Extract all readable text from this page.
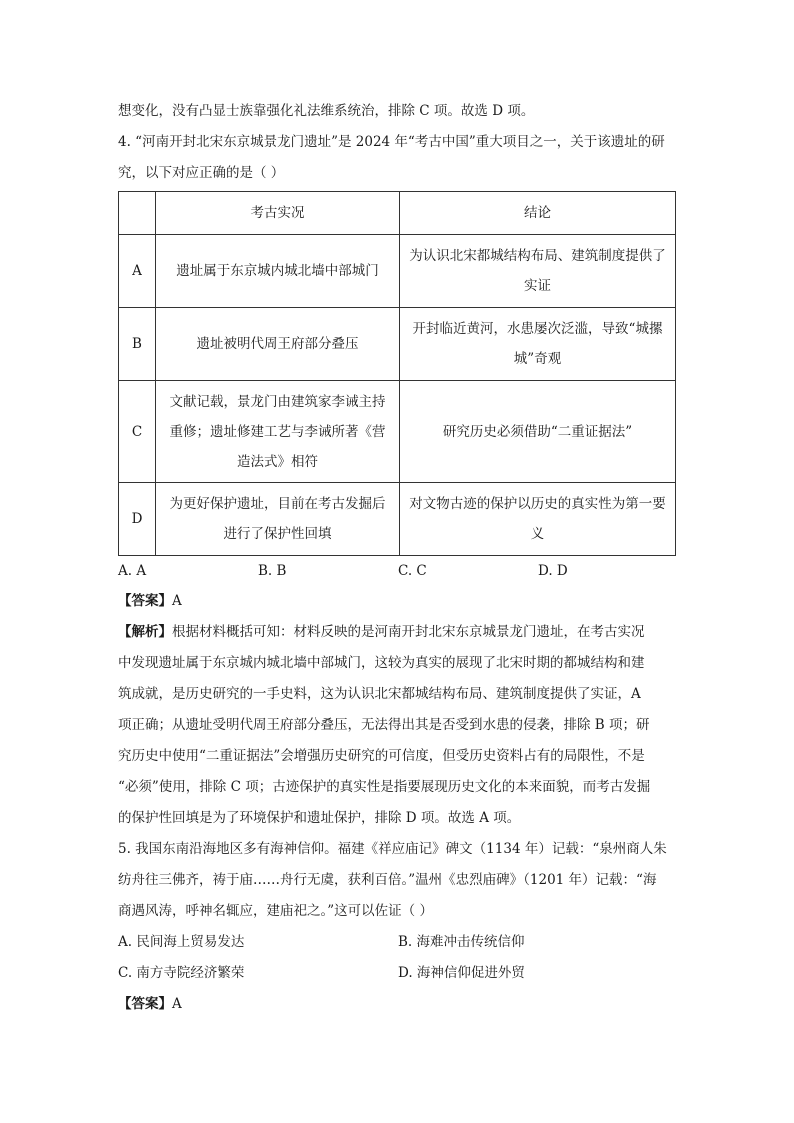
想变化，没有凸显士族靠强化礼法维系统治，排除 C 项。故选 D 项。
4. “河南开封北宋东京城景龙门遗址”是 2024 年“考古中国”重大项目之一，关于该遗址的研
究，以下对应正确的是（ ）
	考古实况	结论
A	遗址属于东京城内城北墙中部城门	为认识北宋都城结构布局、建筑制度提供了实证
B	遗址被明代周王府部分叠压	开封临近黄河，水患屡次泛滥，导致“城摞城”奇观
C	文献记载，景龙门由建筑家李诫主持重修；遗址修建工艺与李诫所著《营造法式》相符	研究历史必须借助“二重证据法”
D	为更好保护遗址，目前在考古发掘后进行了保护性回填	对文物古迹的保护以历史的真实性为第一要义
A. A	B. B	C. C	D. D
【答案】A
【解析】根据材料概括可知：材料反映的是河南开封北宋东京城景龙门遗址，在考古实况
中发现遗址属于东京城内城北墙中部城门，这较为真实的展现了北宋时期的都城结构和建
筑成就，是历史研究的一手史料，这为认识北宋都城结构布局、建筑制度提供了实证，A
项正确；从遗址受明代周王府部分叠压，无法得出其是否受到水患的侵袭，排除 B 项；研
究历史中使用“二重证据法”会增强历史研究的可信度，但受历史资料占有的局限性，不是
“必须”使用，排除 C 项；古迹保护的真实性是指要展现历史文化的本来面貌，而考古发掘
的保护性回填是为了环境保护和遗址保护，排除 D 项。故选 A 项。
5. 我国东南沿海地区多有海神信仰。福建《祥应庙记》碑文（1134 年）记载：“泉州商人朱
纺舟往三佛齐，祷于庙……舟行无虞，获利百倍。”温州《忠烈庙碑》（1201 年）记载：“海
商遇风涛，呼神名辄应，建庙祀之。”这可以佐证（ ）
A. 民间海上贸易发达	B. 海难冲击传统信仰
C. 南方寺院经济繁荣	D. 海神信仰促进外贸
【答案】A
